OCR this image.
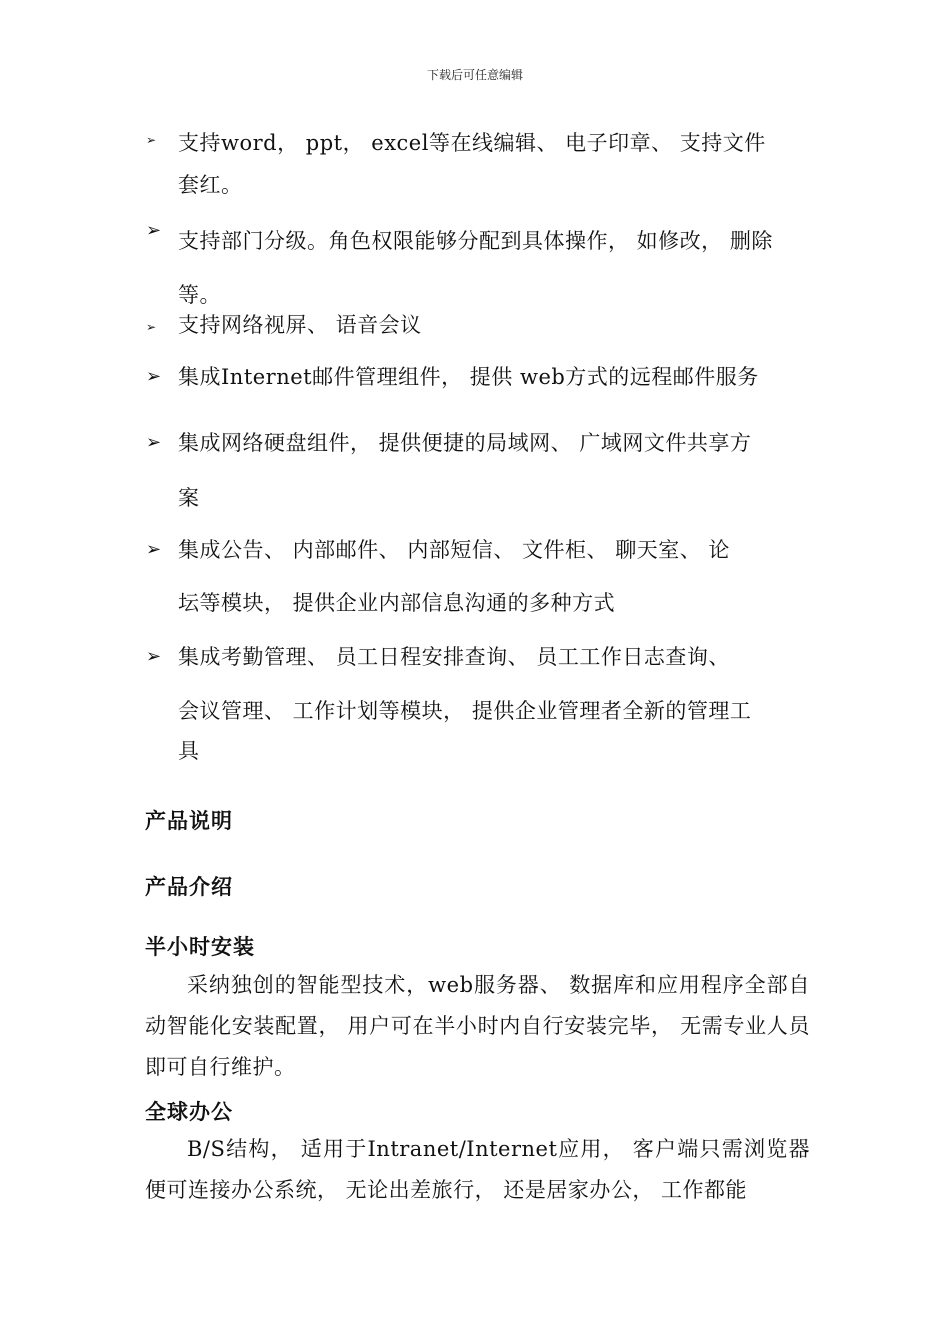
下载后可任意编辑
➢ 支持word， ppt， excel等在线编辑、 电子印章、 支持文件
套红。
➢ 支持部门分级。角色权限能够分配到具体操作， 如修改， 删除
等。
➢ 支持网络视屏、 语音会议
➢ 集成Internet邮件管理组件， 提供 web方式的远程邮件服务
➢ 集成网络硬盘组件， 提供便捷的局域网、 广域网文件共享方
案
➢ 集成公告、 内部邮件、 内部短信、 文件柜、 聊天室、 论
坛等模块， 提供企业内部信息沟通的多种方式
➢ 集成考勤管理、 员工日程安排查询、 员工工作日志查询、
会议管理、 工作计划等模块， 提供企业管理者全新的管理工
具
产品说明
产品介绍
半小时安装
采纳独创的智能型技术，web服务器、 数据库和应用程序全部自动智能化安装配置， 用户可在半小时内自行安装完毕， 无需专业人员即可自行维护。
全球办公
B/S结构， 适用于Intranet/Internet应用， 客户端只需浏览器便可连接办公系统， 无论出差旅行， 还是居家办公， 工作都能
